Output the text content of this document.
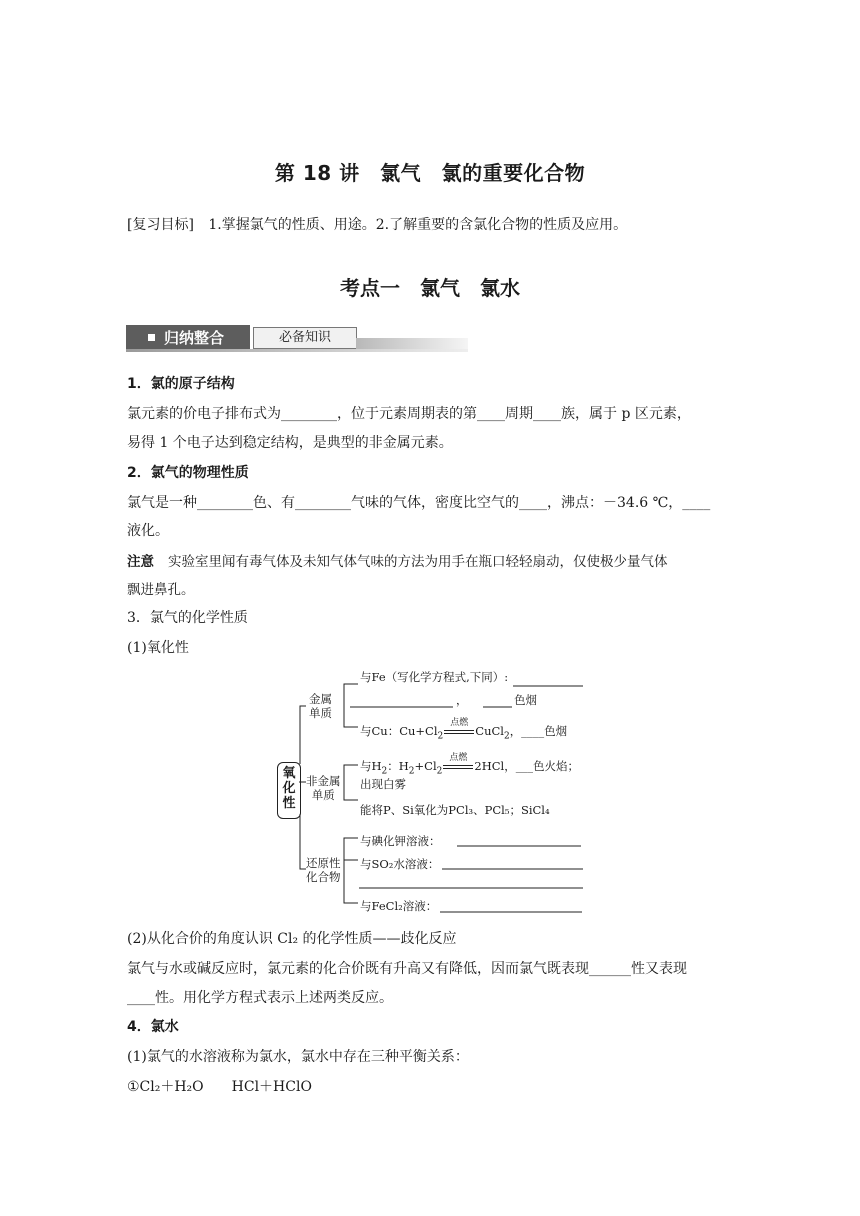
第 18 讲　氯气　氯的重要化合物
[复习目标] 1.掌握氯气的性质、用途。2.了解重要的含氯化合物的性质及应用。
考点一　氯气　氯水
归纳整合	必备知识
1．氯的原子结构
氯元素的价电子排布式为________，位于元素周期表的第____周期____族，属于 p 区元素，
易得 1 个电子达到稳定结构，是典型的非金属元素。
2．氯气的物理性质
氯气是一种________色、有________气味的气体，密度比空气的____，沸点：－34.6 ℃，____
液化。
注意 实验室里闻有毒气体及未知气体气味的方法为用手在瓶口轻轻扇动，仅使极少量气体
飘进鼻孔。
3．氯气的化学性质
(1)氧化性
氧
化
性
金属
单质
非金属
单质
还原性
化合物
与Fe（写化学方程式,下同）:
，	色烟
与Cu：$Cu+Cl_2$
点燃
CuCl$_2$，____色烟
与$H_2$：$H_2+Cl_2$
点燃
2HCl，___色火焰；
出现白雾
能将P、Si氧化为PCl₃、PCl₅；SiCl₄
与碘化钾溶液：
与SO₂水溶液：
与FeCl₂溶液：
(2)从化合价的角度认识 Cl₂ 的化学性质——歧化反应
氯气与水或碱反应时，氯元素的化合价既有升高又有降低，因而氯气既表现______性又表现
____性。用化学方程式表示上述两类反应。
4．氯水
(1)氯气的水溶液称为氯水，氯水中存在三种平衡关系：
①Cl₂＋H₂O　　HCl＋HClO
